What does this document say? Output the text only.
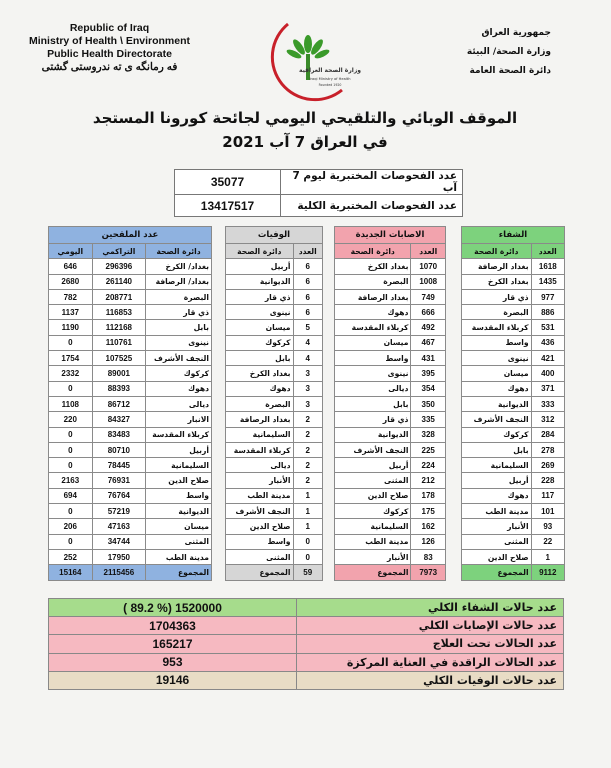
Republic of Iraq
Ministry of Health \ Environment
Public Health Directorate
فه رمانگه ى ته ندروستى گشتى	وزارة الصحة العراقية
Iraqi Ministry of Health
Founded 1920
جمهورية العراق
وزارة الصحة/ البيئة
دائرة الصحة العامة
الموقف الوبائي والتلقيحي اليومي لجائحة كورونا المستجد
في العراق 7 آب 2021
35077	عدد الفحوصات المختبرية ليوم 7 آب
13417517	عدد الفحوصات المختبرية الكلية
عدد الملقحين		
اليومي	التراكمي	دائرة الصحة
646	296396	بغداد/ الكرخ
2680	261140	بغداد/ الرصافة
782	208771	البصرة
1137	116853	ذي قار
1190	112168	بابل
0	110761	نينوى
1754	107525	النجف الأشرف
2332	89001	كركوك
0	88393	دهوك
1108	86712	ديالى
220	84327	الانبار
0	83483	كربلاء المقدسة
0	80710	أربيل
0	78445	السليمانية
2163	76931	صلاح الدين
694	76764	واسط
0	57219	الديوانية
206	47163	ميسان
0	34744	المثنى
252	17950	مدينة الطب
15164	2115456	المجموع
الوفيات	
دائرة الصحة	العدد
أربيل	6
الديوانية	6
ذي قار	6
نينوى	6
ميسان	5
كركوك	4
بابل	4
بغداد الكرخ	3
دهوك	3
البصرة	3
بغداد الرصافة	2
السليمانية	2
كربلاء المقدسة	2
ديالى	2
الأنبار	2
مدينة الطب	1
النجف الأشرف	1
صلاح الدين	1
واسط	0
المثنى	0
المجموع	59
الاصابات الجديدة	
دائرة الصحة	العدد
بغداد الكرخ	1070
البصرة	1008
بغداد الرصافة	749
دهوك	666
كربلاء المقدسة	492
ميسان	467
واسط	431
نينوى	395
ديالى	354
بابل	350
ذي قار	335
الديوانية	328
النجف الأشرف	225
أربيل	224
المثنى	212
صلاح الدين	178
كركوك	175
السليمانية	162
مدينة الطب	126
الأنبار	83
المجموع	7973
الشفاء	
دائرة الصحة	العدد
بغداد الرصافة	1618
بغداد الكرخ	1435
ذي قار	977
البصرة	886
كربلاء المقدسة	531
واسط	436
نينوى	421
ميسان	400
دهوك	371
الديوانية	333
النجف الأشرف	312
كركوك	284
بابل	278
السليمانية	269
أربيل	228
دهوك	117
مدينة الطب	101
الأنبار	93
المثنى	22
صلاح الدين	1
المجموع	9112
( 89.2 %) 1520000	عدد حالات الشفاء الكلي
1704363	عدد حالات الإصابات الكلي
165217	عدد الحالات تحت العلاج
953	عدد الحالات الراقدة في العناية المركزة
19146	عدد حالات الوفيات الكلي
